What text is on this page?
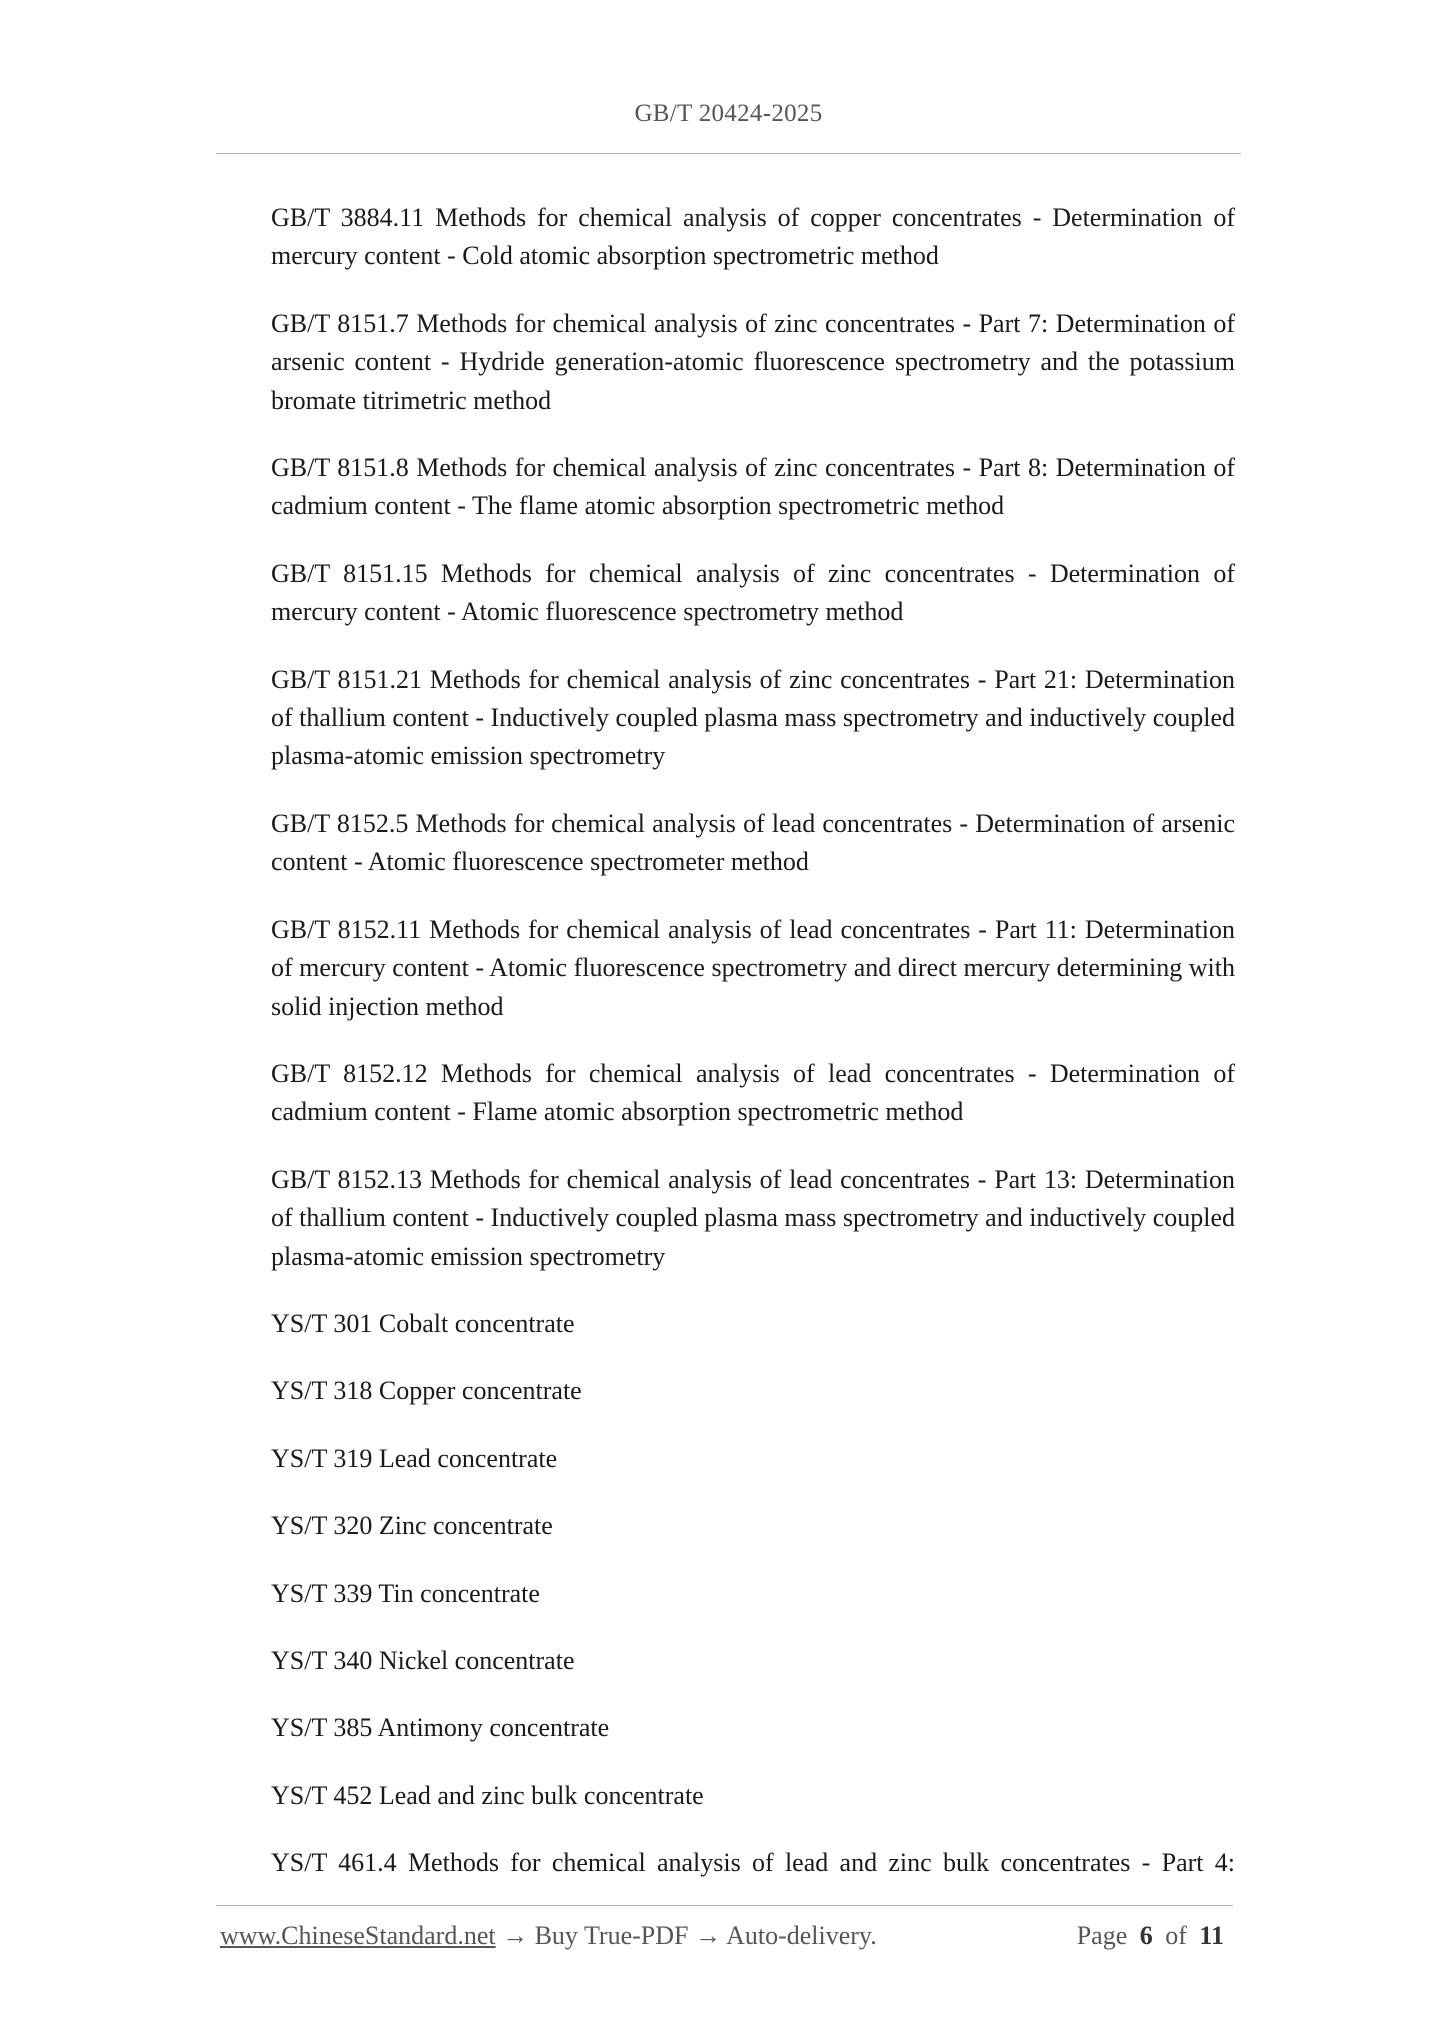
GB/T 20424-2025

GB/T 3884.11 Methods for chemical analysis of copper concentrates - Determination of mercury content - Cold atomic absorption spectrometric method

GB/T 8151.7 Methods for chemical analysis of zinc concentrates - Part 7: Determination of arsenic content - Hydride generation-atomic fluorescence spectrometry and the potassium bromate titrimetric method

GB/T 8151.8 Methods for chemical analysis of zinc concentrates - Part 8: Determination of cadmium content - The flame atomic absorption spectrometric method

GB/T 8151.15 Methods for chemical analysis of zinc concentrates - Determination of mercury content - Atomic fluorescence spectrometry method

GB/T 8151.21 Methods for chemical analysis of zinc concentrates - Part 21: Determination of thallium content - Inductively coupled plasma mass spectrometry and inductively coupled plasma-atomic emission spectrometry

GB/T 8152.5 Methods for chemical analysis of lead concentrates - Determination of arsenic content - Atomic fluorescence spectrometer method

GB/T 8152.11 Methods for chemical analysis of lead concentrates - Part 11: Determination of mercury content - Atomic fluorescence spectrometry and direct mercury determining with solid injection method

GB/T 8152.12 Methods for chemical analysis of lead concentrates - Determination of cadmium content - Flame atomic absorption spectrometric method

GB/T 8152.13 Methods for chemical analysis of lead concentrates - Part 13: Determination of thallium content - Inductively coupled plasma mass spectrometry and inductively coupled plasma-atomic emission spectrometry

YS/T 301 Cobalt concentrate

YS/T 318 Copper concentrate

YS/T 319 Lead concentrate

YS/T 320 Zinc concentrate

YS/T 339 Tin concentrate

YS/T 340 Nickel concentrate

YS/T 385 Antimony concentrate

YS/T 452 Lead and zinc bulk concentrate

YS/T 461.4 Methods for chemical analysis of lead and zinc bulk concentrates - Part 4:

www.ChineseStandard.net → Buy True-PDF → Auto-delivery.	Page 6 of 11
